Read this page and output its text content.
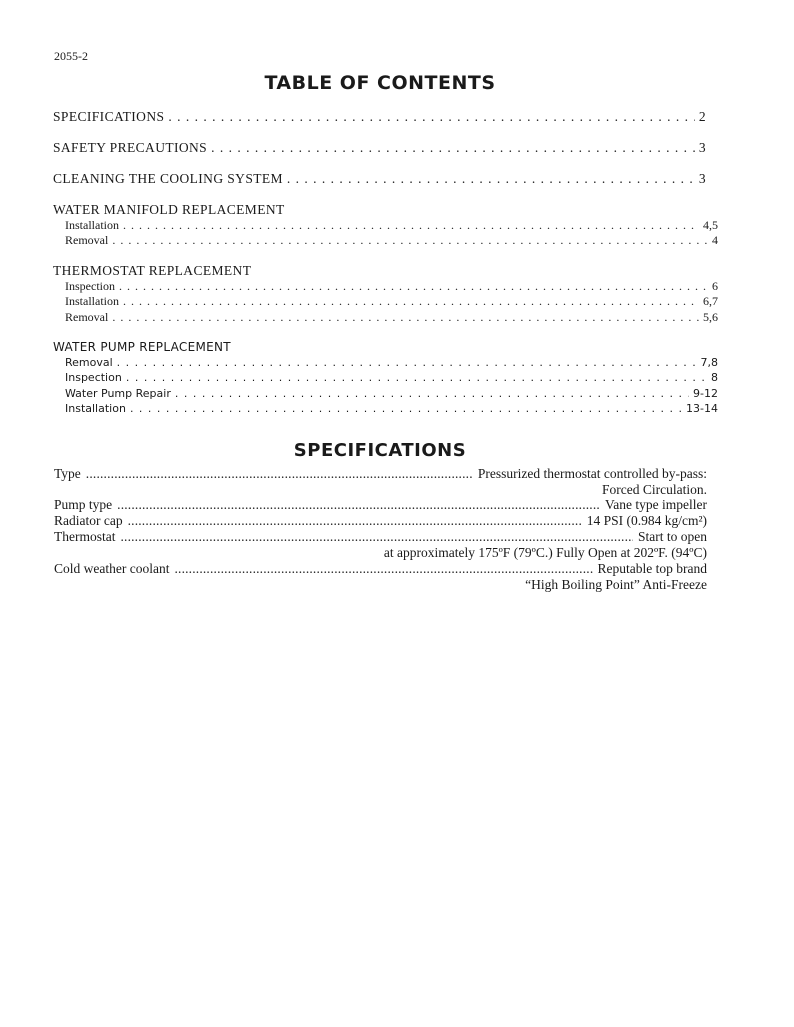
2055-2
TABLE OF CONTENTS
SPECIFICATIONS . . .	2
SAFETY PRECAUTIONS . . .	3
CLEANING THE COOLING SYSTEM . . .	3
WATER MANIFOLD REPLACEMENT
Installation . . .	4,5
Removal . . .	4
THERMOSTAT REPLACEMENT
Inspection . . .	6
Installation . . .	6,7
Removal . . .	5,6
WATER PUMP REPLACEMENT
Removal . . .	7,8
Inspection . . .	8
Water Pump Repair . . .	9-12
Installation . . .	13-14
SPECIFICATIONS
Type . . .	Pressurized thermostat controlled by-pass:
Forced Circulation.
Pump type . . .	Vane type impeller
Radiator cap . . .	14 PSI (0.984 kg/cm²)
Thermostat . . .	Start to open
at approximately 175ºF (79ºC.) Fully Open at 202ºF. (94ºC)
Cold weather coolant . . .	Reputable top brand
“High Boiling Point” Anti-Freeze
